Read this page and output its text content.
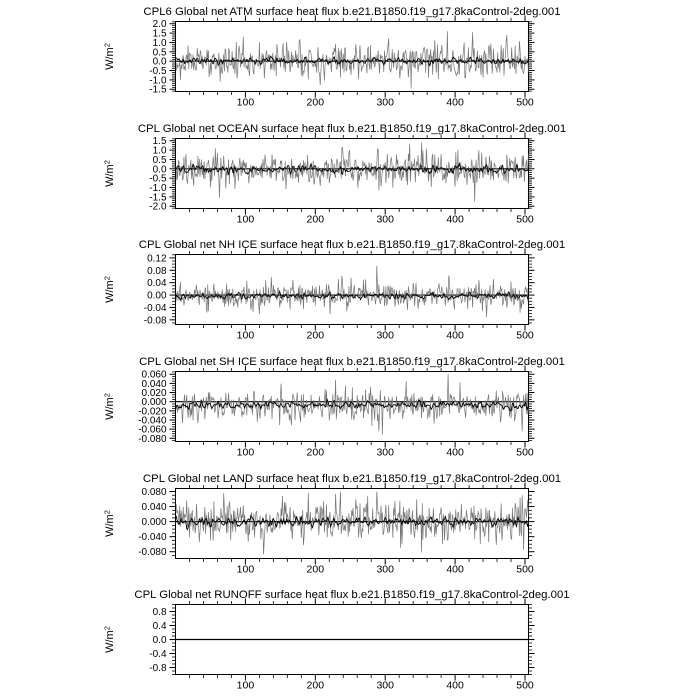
CPL6 Global net ATM surface heat flux b.e21.B1850.f19_g17.8kaControl-2deg.001
2.0
1.5
1.0
0.5
0.0
-0.5
-1.0
-1.5
100	200	300	400	500
$W/m^2$
CPL Global net OCEAN surface heat flux b.e21.B1850.f19_g17.8kaControl-2deg.001
1.5
1.0
0.5
0.0
-0.5
-1.0
-1.5
-2.0
100	200	300	400	500
$W/m^2$
CPL Global net NH ICE surface heat flux b.e21.B1850.f19_g17.8kaControl-2deg.001
0.12
0.08
0.04
0.00
-0.04
-0.08
100	200	300	400	500
$W/m^2$
CPL Global net SH ICE surface heat flux b.e21.B1850.f19_g17.8kaControl-2deg.001
0.060
0.040
0.020
0.000
-0.020
-0.040
-0.060
-0.080
100	200	300	400	500
$W/m^2$
CPL Global net LAND surface heat flux b.e21.B1850.f19_g17.8kaControl-2deg.001
0.080
0.040
0.000
-0.040
-0.080
100	200	300	400	500
$W/m^2$
CPL Global net RUNOFF surface heat flux b.e21.B1850.f19_g17.8kaControl-2deg.001
0.8
0.4
0.0
-0.4
-0.8
100	200	300	400	500
$W/m^2$
